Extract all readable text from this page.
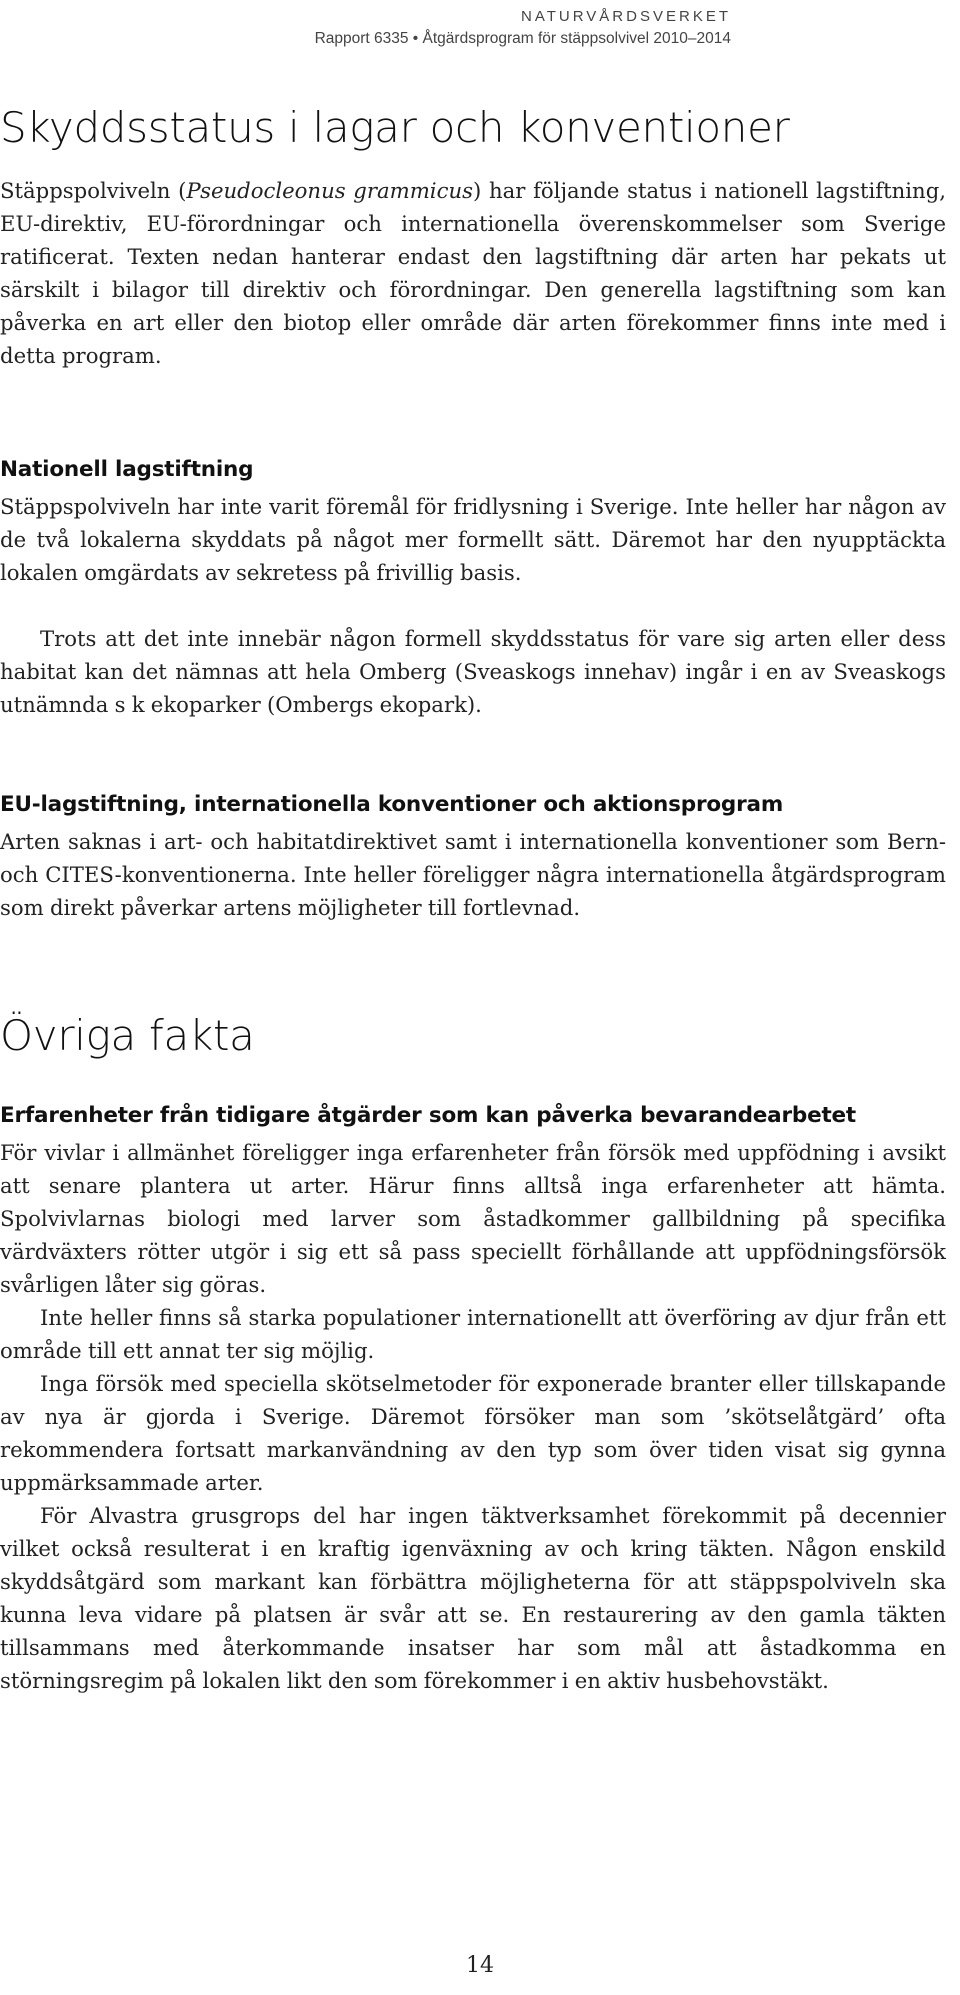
NATURVÅRDSVERKET
Rapport 6335 • Åtgärdsprogram för stäppsolvivel 2010–2014
Skyddsstatus i lagar och konventioner

Stäppspolviveln (Pseudocleonus grammicus) har följande status i nationell lagstiftning, EU-direktiv, EU-förordningar och internationella överenskommelser som Sverige ratificerat. Texten nedan hanterar endast den lagstiftning där arten har pekats ut särskilt i bilagor till direktiv och förordningar. Den generella lagstiftning som kan påverka en art eller den biotop eller område där arten förekommer finns inte med i detta program.

Nationell lagstiftning

Stäppspolviveln har inte varit föremål för fridlysning i Sverige. Inte heller har någon av de två lokalerna skyddats på något mer formellt sätt. Däremot har den nyupptäckta lokalen omgärdats av sekretess på frivillig basis.

Trots att det inte innebär någon formell skyddsstatus för vare sig arten eller dess habitat kan det nämnas att hela Omberg (Sveaskogs innehav) ingår i en av Sveaskogs utnämnda s k ekoparker (Ombergs ekopark).

EU-lagstiftning, internationella konventioner och aktionsprogram

Arten saknas i art- och habitatdirektivet samt i internationella konventioner som Bern- och CITES-konventionerna. Inte heller föreligger några internationella åtgärdsprogram som direkt påverkar artens möjligheter till fortlevnad.

Övriga fakta
Erfarenheter från tidigare åtgärder som kan påverka bevarandearbetet

För vivlar i allmänhet föreligger inga erfarenheter från försök med uppfödning i avsikt att senare plantera ut arter. Härur finns alltså inga erfarenheter att hämta. Spolvivlarnas biologi med larver som åstadkommer gallbildning på specifika värdväxters rötter utgör i sig ett så pass speciellt förhållande att uppfödningsförsök svårligen låter sig göras.

Inte heller finns så starka populationer internationellt att överföring av djur från ett område till ett annat ter sig möjlig.

Inga försök med speciella skötselmetoder för exponerade branter eller tillskapande av nya är gjorda i Sverige. Däremot försöker man som ’skötselåtgärd’ ofta rekommendera fortsatt markanvändning av den typ som över tiden visat sig gynna uppmärksammade arter.

För Alvastra grusgrops del har ingen täktverksamhet förekommit på decennier vilket också resulterat i en kraftig igenväxning av och kring täkten. Någon enskild skyddsåtgärd som markant kan förbättra möjligheterna för att stäppspolviveln ska kunna leva vidare på platsen är svår att se. En restaurering av den gamla täkten tillsammans med återkommande insatser har som mål att åstadkomma en störningsregim på lokalen likt den som förekommer i en aktiv husbehovstäkt.

14
